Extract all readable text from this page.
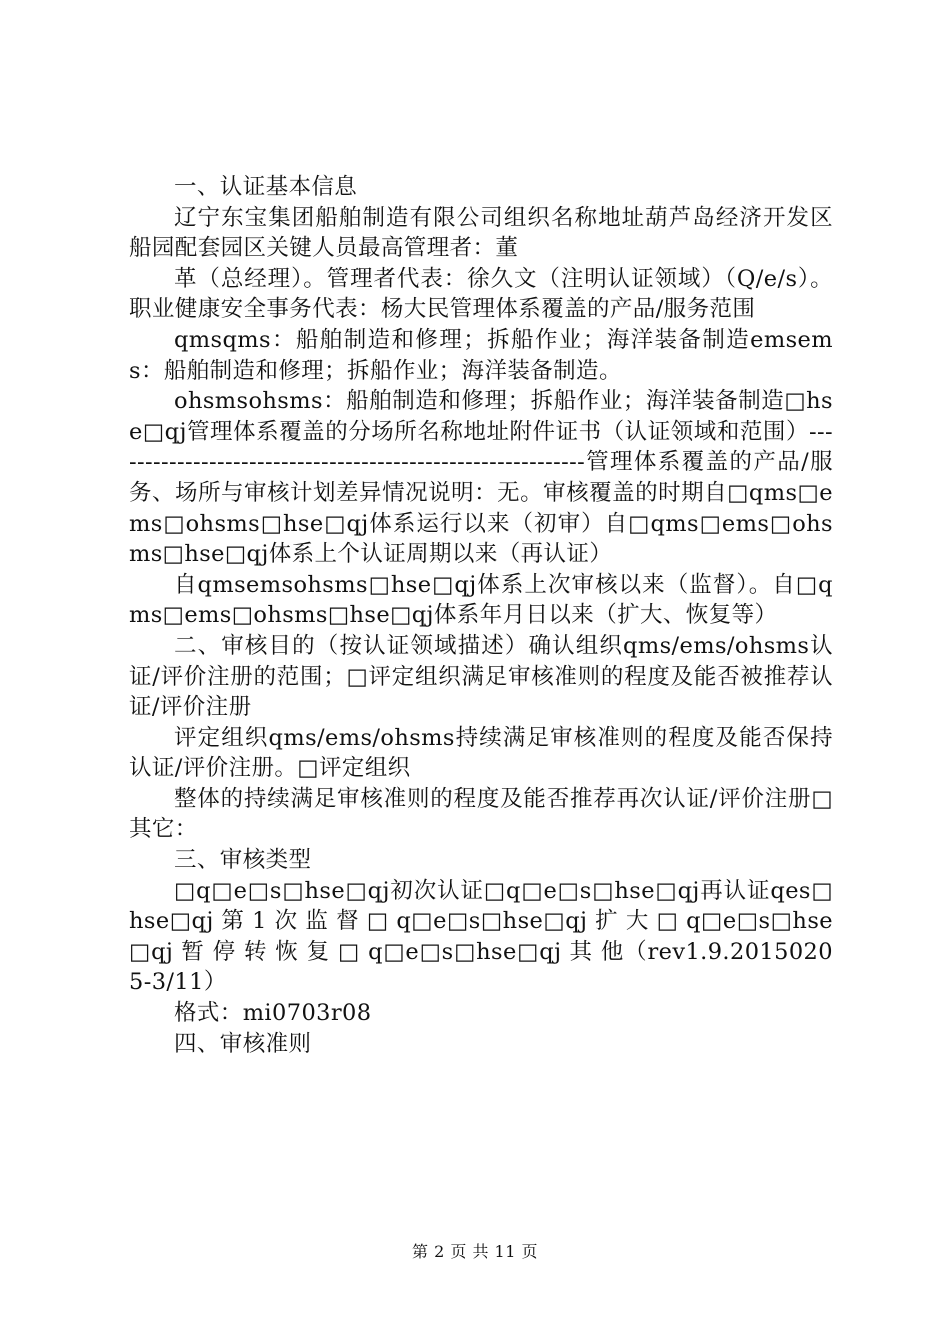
一、认证基本信息

辽宁东宝集团船舶制造有限公司组织名称地址葫芦岛经济开发区船园配套园区关键人员最高管理者：董

革（总经理）。管理者代表：徐久文（注明认证领域）（Q/e/s）。职业健康安全事务代表：杨大民管理体系覆盖的产品/服务范围

qmsqms：船舶制造和修理；拆船作业；海洋装备制造emsems：船舶制造和修理；拆船作业；海洋装备制造。

ohsmsohsms：船舶制造和修理；拆船作业；海洋装备制造□hse□qj管理体系覆盖的分场所名称地址附件证书（认证领域和范围）------------------------------------------------------------管理体系覆盖的产品/服务、场所与审核计划差异情况说明：无。审核覆盖的时期自□qms□ems□ohsms□hse□qj体系运行以来（初审）自□qms□ems□ohsms□hse□qj体系上个认证周期以来（再认证）

自qmsemsohsms□hse□qj体系上次审核以来（监督）。自□qms□ems□ohsms□hse□qj体系年月日以来（扩大、恢复等）

二、审核目的（按认证领域描述）确认组织qms/ems/ohsms认证/评价注册的范围；□评定组织满足审核准则的程度及能否被推荐认证/评价注册

评定组织qms/ems/ohsms持续满足审核准则的程度及能否保持认证/评价注册。□评定组织

整体的持续满足审核准则的程度及能否推荐再次认证/评价注册□其它：

三、审核类型

□q□e□s□hse□qj初次认证□q□e□s□hse□qj再认证qes□hse□qj 第 1 次 监 督 □ q□e□s□hse□qj 扩 大 □ q□e□s□hse□qj 暂 停 转 恢 复 □ q□e□s□hse□qj 其 他（rev1.9.20150205-3/11）

格式：mi0703r08

四、审核准则

第 2 页 共 11 页
